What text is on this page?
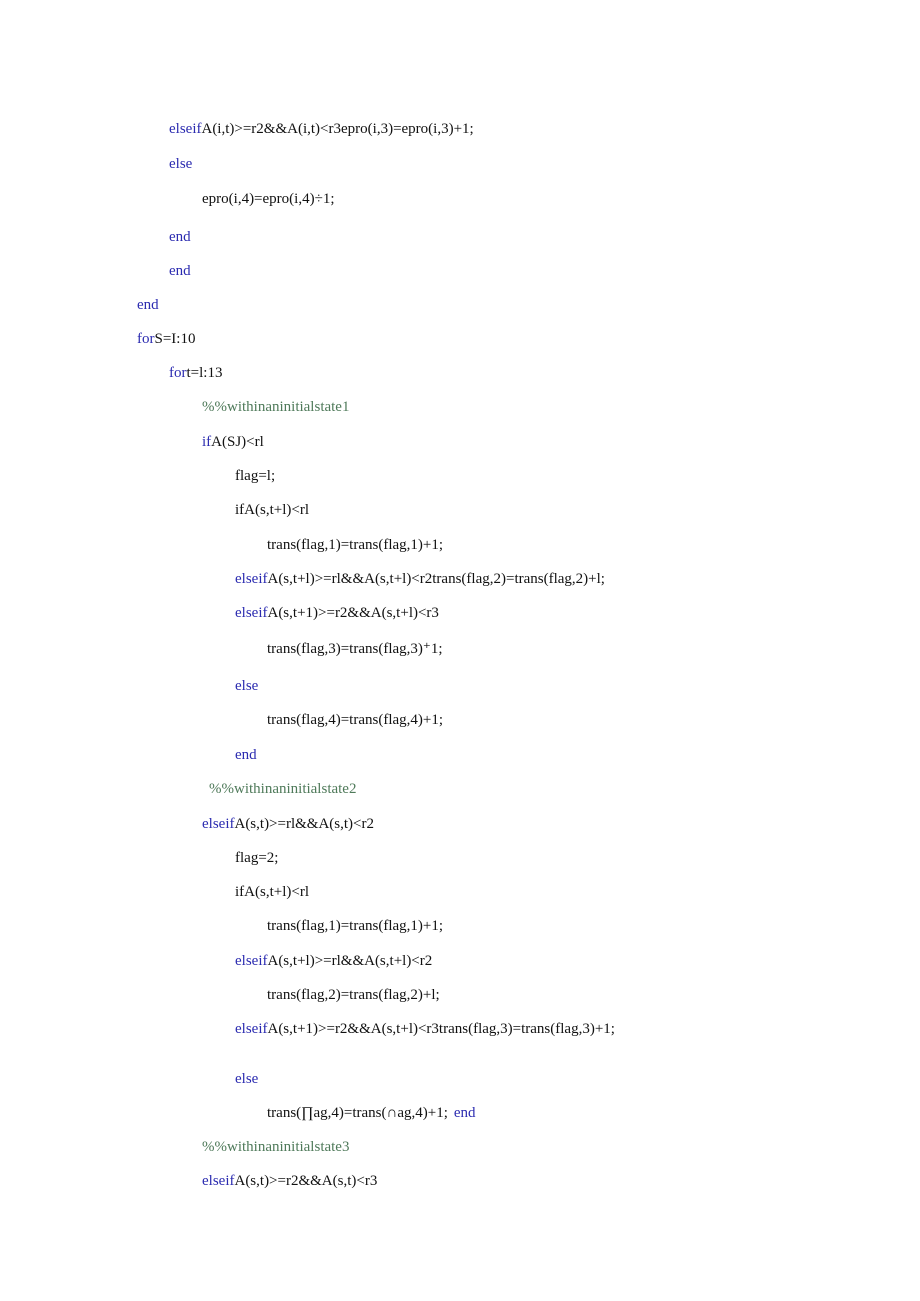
elseifA(i,t)>=r2&&A(i,t)<r3epro(i,3)=epro(i,3)+1;
else
epro(i,4)=epro(i,4)÷1;
end
end
end
forS=I:10
fort=l:13
%%withinaninitialstate1
ifA(SJ)<rl
flag=l;
ifA(s,t+l)<rl
trans(flag,1)=trans(flag,1)+1;
elseifA(s,t+l)>=rl&&A(s,t+l)<r2trans(flag,2)=trans(flag,2)+l;
elseifA(s,t+1)>=r2&&A(s,t+l)<r3
trans(flag,3)=trans(flag,3)⁺1;
else
trans(flag,4)=trans(flag,4)+1;
end
%%withinaninitialstate2
elseifA(s,t)>=rl&&A(s,t)<r2
flag=2;
ifA(s,t+l)<rl
trans(flag,1)=trans(flag,1)+1;
elseifA(s,t+l)>=rl&&A(s,t+l)<r2
trans(flag,2)=trans(flag,2)+l;
elseifA(s,t+1)>=r2&&A(s,t+l)<r3trans(flag,3)=trans(flag,3)+1;
else
trans(∏ag,4)=trans(∩ag,4)+1; end
%%withinaninitialstate3
elseifA(s,t)>=r2&&A(s,t)<r3
